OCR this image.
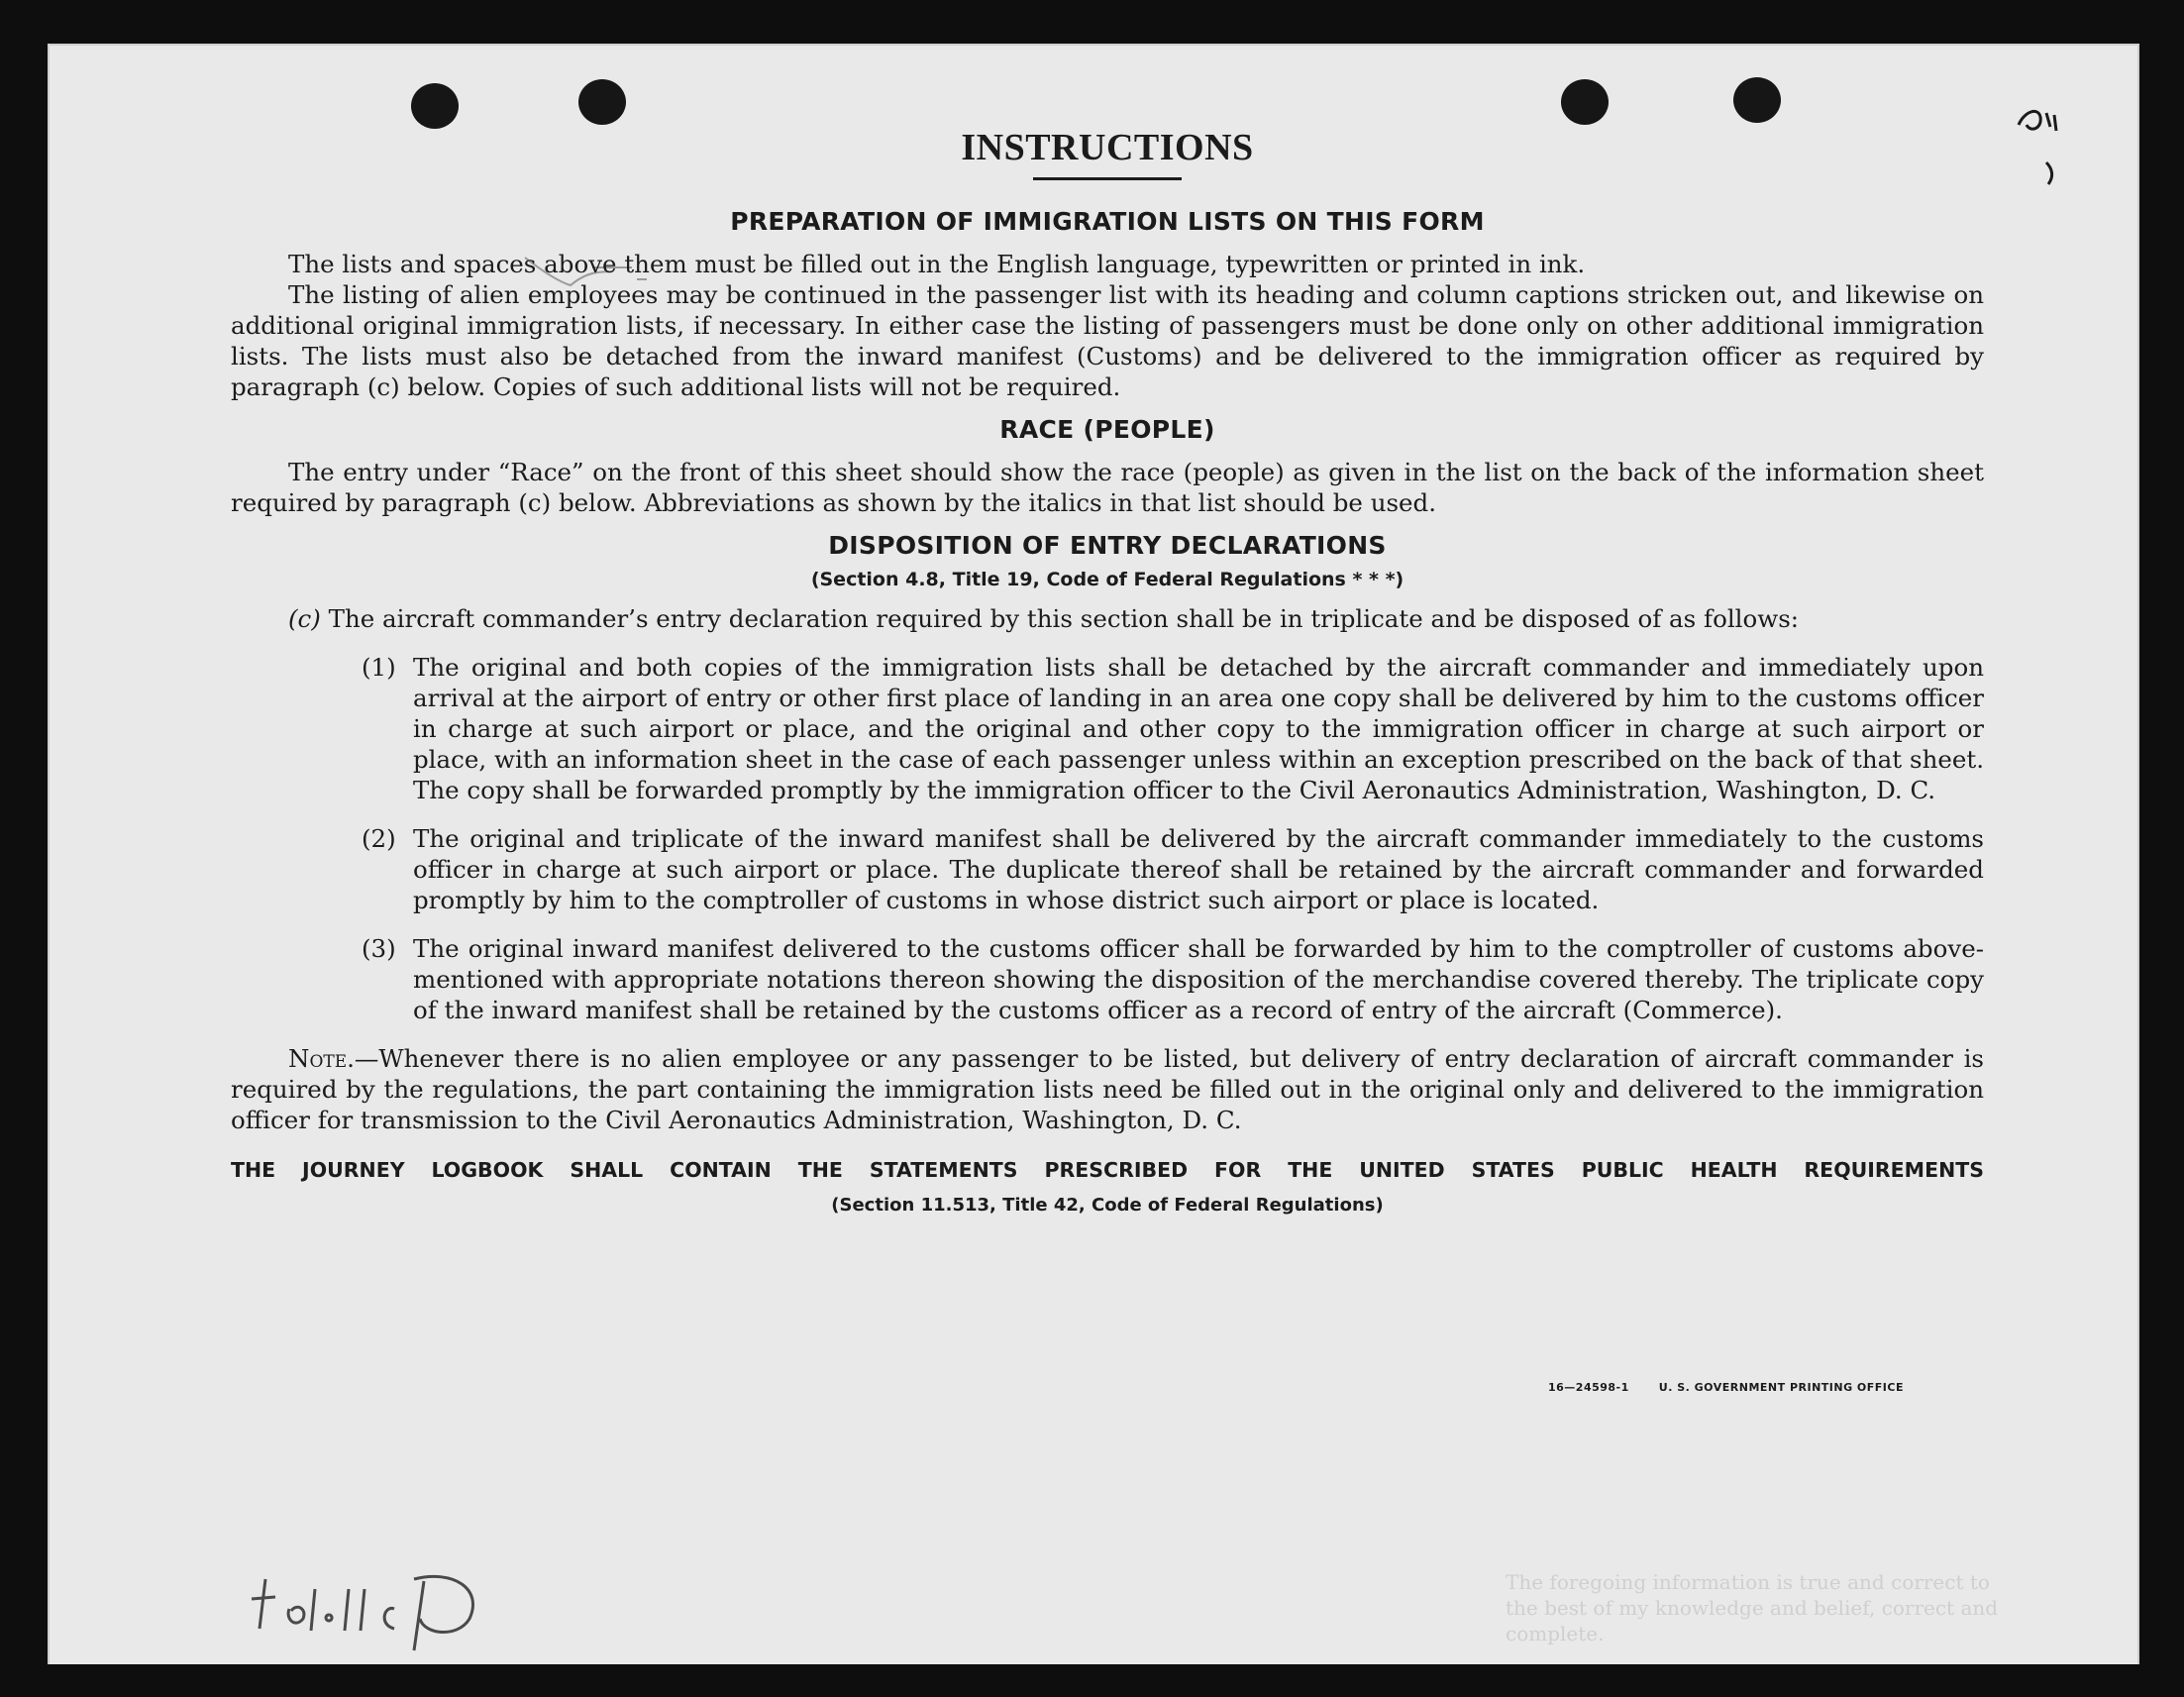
INSTRUCTIONS
PREPARATION OF IMMIGRATION LISTS ON THIS FORM

The lists and spaces above them must be filled out in the English language, typewritten or printed in ink.

The listing of alien employees may be continued in the passenger list with its heading and column captions stricken out, and likewise on additional original immigration lists, if necessary. In either case the listing of passengers must be done only on other additional immigration lists. The lists must also be detached from the inward manifest (Customs) and be delivered to the immigration officer as required by paragraph (c) below. Copies of such additional lists will not be required.

RACE (PEOPLE)

The entry under “Race” on the front of this sheet should show the race (people) as given in the list on the back of the information sheet required by paragraph (c) below. Abbreviations as shown by the italics in that list should be used.

DISPOSITION OF ENTRY DECLARATIONS
(Section 4.8, Title 19, Code of Federal Regulations * * *)

(c) The aircraft commander’s entry declaration required by this section shall be in triplicate and be disposed of as follows:

(1) The original and both copies of the immigration lists shall be detached by the aircraft commander and immediately upon arrival at the airport of entry or other first place of landing in an area one copy shall be delivered by him to the customs officer in charge at such airport or place, and the original and other copy to the immigration officer in charge at such airport or place, with an information sheet in the case of each passenger unless within an exception prescribed on the back of that sheet. The copy shall be forwarded promptly by the immigration officer to the Civil Aeronautics Administration, Washington, D. C.

(2) The original and triplicate of the inward manifest shall be delivered by the aircraft commander immediately to the customs officer in charge at such airport or place. The duplicate thereof shall be retained by the aircraft commander and forwarded promptly by him to the comptroller of customs in whose district such airport or place is located.

(3) The original inward manifest delivered to the customs officer shall be forwarded by him to the comptroller of customs above-mentioned with appropriate notations thereon showing the disposition of the merchandise covered thereby. The triplicate copy of the inward manifest shall be retained by the customs officer as a record of entry of the aircraft (Commerce).

Note.—Whenever there is no alien employee or any passenger to be listed, but delivery of entry declaration of aircraft commander is required by the regulations, the part containing the immigration lists need be filled out in the original only and delivered to the immigration officer for transmission to the Civil Aeronautics Administration, Washington, D. C.

THE JOURNEY LOGBOOK SHALL CONTAIN THE STATEMENTS PRESCRIBED FOR THE UNITED STATES PUBLIC HEALTH REQUIREMENTS
(Section 11.513, Title 42, Code of Federal Regulations)
16—24598-1	U. S. GOVERNMENT PRINTING OFFICE
The foregoing information is true and correct to the best of my knowledge and belief, correct and complete.
